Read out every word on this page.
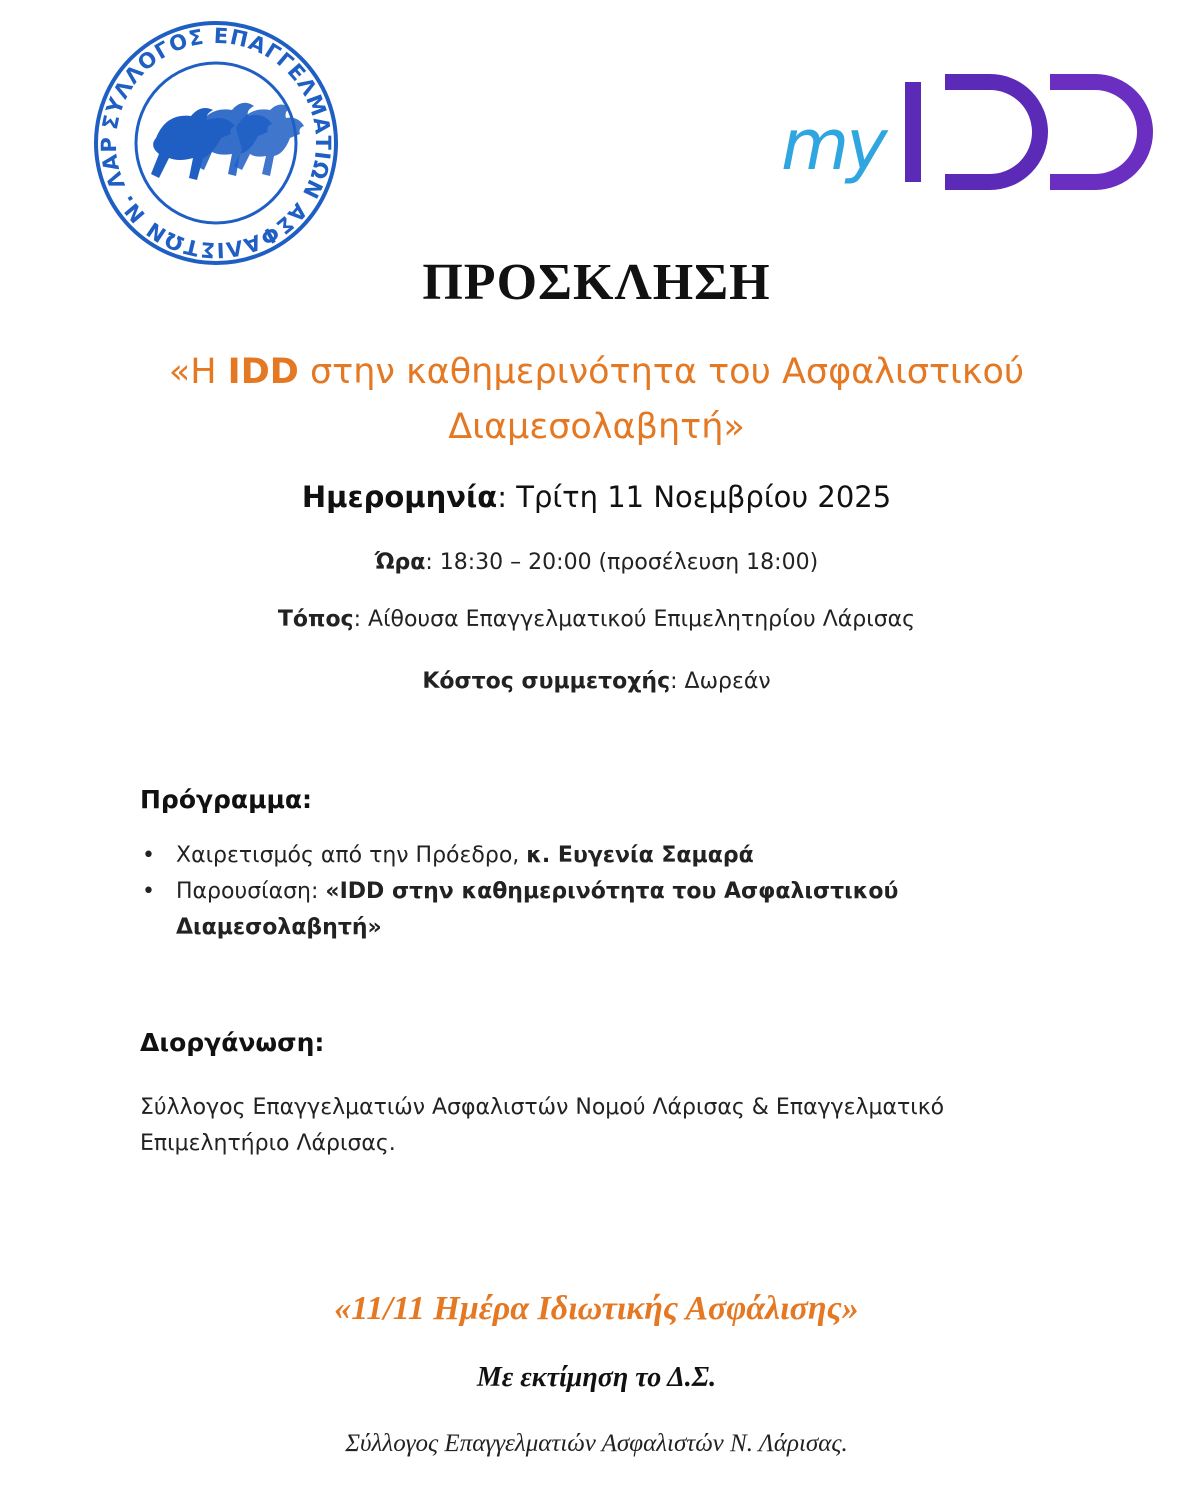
ΣΥΛΛΟΓΟΣ ΕΠΑΓΓΕΛΜΑΤΙΩΝ ΑΣΦΑΛΙΣΤΩΝ Ν. ΛΑΡ	my
ΠΡΟΣΚΛΗΣΗ
«Η IDD στην καθημερινότητα του Ασφαλιστικού
Διαμεσολαβητή»
Ημερομηνία: Τρίτη 11 Νοεμβρίου 2025
Ώρα: 18:30 – 20:00 (προσέλευση 18:00)
Τόπος: Αίθουσα Επαγγελματικού Επιμελητηρίου Λάρισας
Κόστος συμμετοχής: Δωρεάν
Πρόγραμμα:
• Χαιρετισμός από την Πρόεδρο, κ. Ευγενία Σαμαρά
• Παρουσίαση: «IDD στην καθημερινότητα του Ασφαλιστικού Διαμεσολαβητή»
Διοργάνωση:
Σύλλογος Επαγγελματιών Ασφαλιστών Νομού Λάρισας & Επαγγελματικό Επιμελητήριο Λάρισας.
«11/11 Ημέρα Ιδιωτικής Ασφάλισης»
Με εκτίμηση το Δ.Σ.
Σύλλογος Επαγγελματιών Ασφαλιστών Ν. Λάρισας.
